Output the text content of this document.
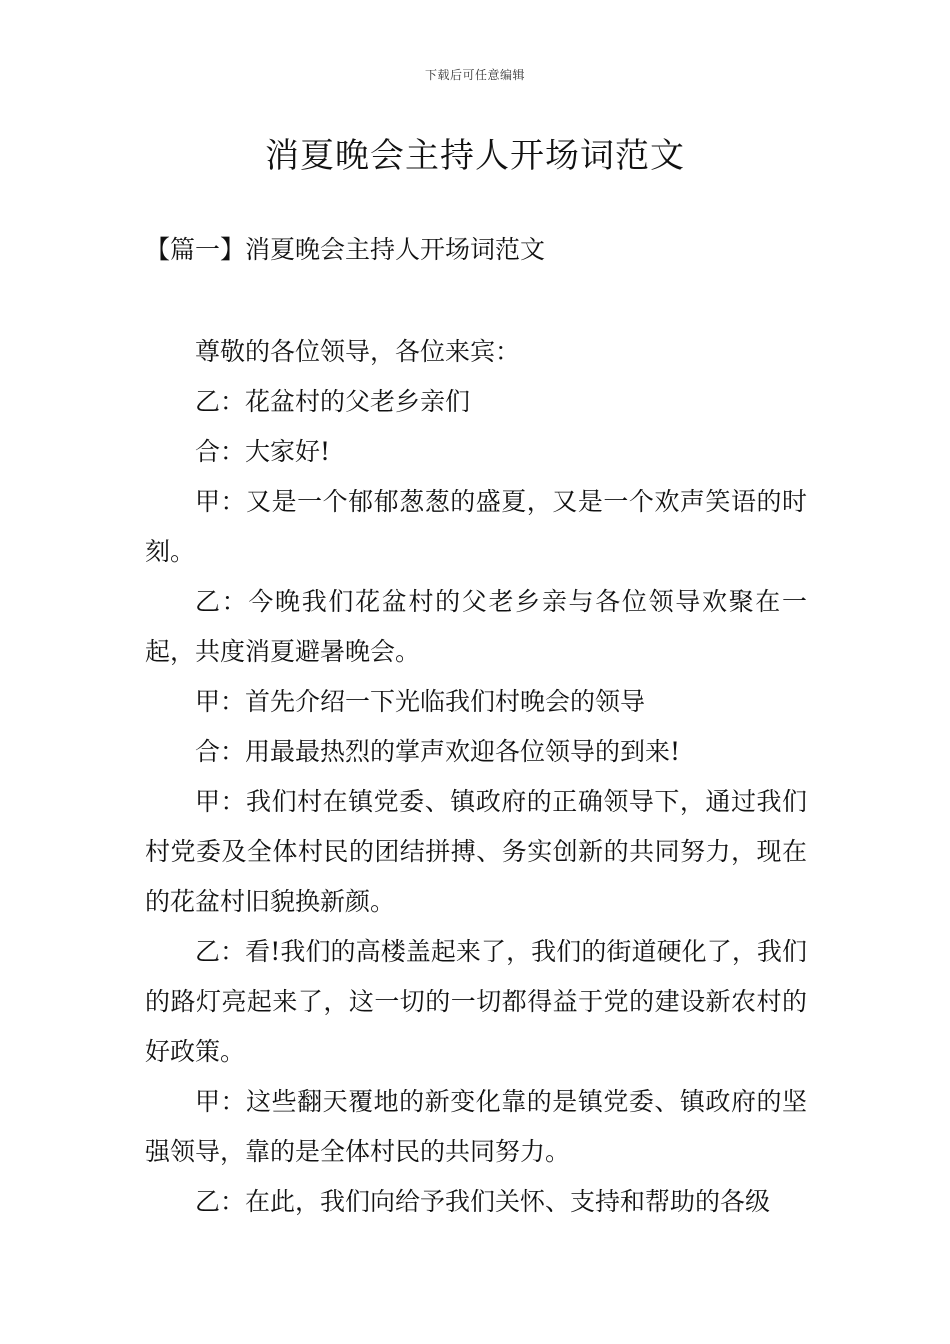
下载后可任意编辑
消夏晚会主持人开场词范文
【篇一】消夏晚会主持人开场词范文

尊敬的各位领导，各位来宾：

乙：花盆村的父老乡亲们

合：大家好!

甲：又是一个郁郁葱葱的盛夏，又是一个欢声笑语的时刻。

乙：今晚我们花盆村的父老乡亲与各位领导欢聚在一起，共度消夏避暑晚会。

甲：首先介绍一下光临我们村晚会的领导

合：用最最热烈的掌声欢迎各位领导的到来!

甲：我们村在镇党委、镇政府的正确领导下，通过我们村党委及全体村民的团结拼搏、务实创新的共同努力，现在的花盆村旧貌换新颜。

乙：看!我们的高楼盖起来了，我们的街道硬化了，我们的路灯亮起来了，这一切的一切都得益于党的建设新农村的好政策。

甲：这些翻天覆地的新变化靠的是镇党委、镇政府的坚强领导，靠的是全体村民的共同努力。

乙：在此，我们向给予我们关怀、支持和帮助的各级
